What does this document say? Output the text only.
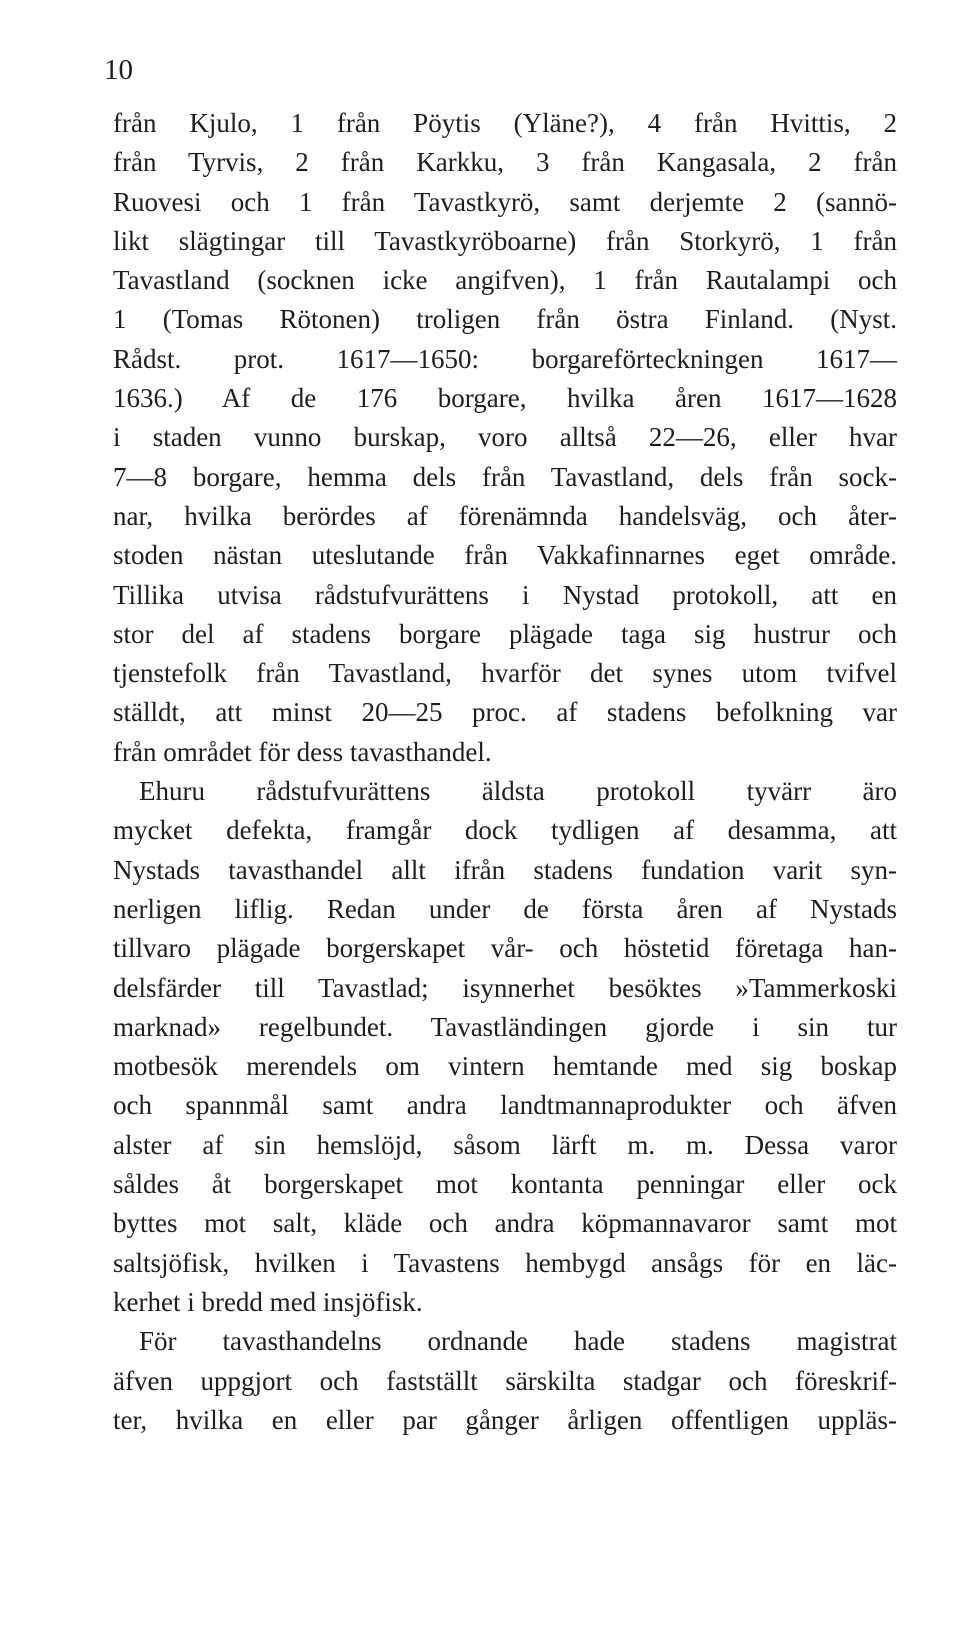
10
från Kjulo, 1 från Pöytis (Yläne?), 4 från Hvittis, 2
från Tyrvis, 2 från Karkku, 3 från Kangasala, 2 från
Ruovesi och 1 från Tavastkyrö, samt derjemte 2 (sannö-
likt slägtingar till Tavastkyröboarne) från Storkyrö, 1 från
Tavastland (socknen icke angifven), 1 från Rautalampi och
1 (Tomas Rötonen) troligen från östra Finland. (Nyst.
Rådst. prot. 1617—1650: borgareförteckningen 1617—
1636.) Af de 176 borgare, hvilka åren 1617—1628
i staden vunno burskap, voro alltså 22—26, eller hvar
7—8 borgare, hemma dels från Tavastland, dels från sock-
nar, hvilka berördes af förenämnda handelsväg, och åter-
stoden nästan uteslutande från Vakkafinnarnes eget område.
Tillika utvisa rådstufvurättens i Nystad protokoll, att en
stor del af stadens borgare plägade taga sig hustrur och
tjenstefolk från Tavastland, hvarför det synes utom tvifvel
ställdt, att minst 20—25 proc. af stadens befolkning var
från området för dess tavasthandel.
Ehuru rådstufvurättens äldsta protokoll tyvärr äro
mycket defekta, framgår dock tydligen af desamma, att
Nystads tavasthandel allt ifrån stadens fundation varit syn-
nerligen liflig. Redan under de första åren af Nystads
tillvaro plägade borgerskapet vår- och höstetid företaga han-
delsfärder till Tavastlad; isynnerhet besöktes »Tammerkoski
marknad» regelbundet. Tavastländingen gjorde i sin tur
motbesök merendels om vintern hemtande med sig boskap
och spannmål samt andra landtmannaprodukter och äfven
alster af sin hemslöjd, såsom lärft m. m. Dessa varor
såldes åt borgerskapet mot kontanta penningar eller ock
byttes mot salt, kläde och andra köpmannavaror samt mot
saltsjöfisk, hvilken i Tavastens hembygd ansågs för en läc-
kerhet i bredd med insjöfisk.
För tavasthandelns ordnande hade stadens magistrat
äfven uppgjort och fastställt särskilta stadgar och föreskrif-
ter, hvilka en eller par gånger årligen offentligen uppläs-
